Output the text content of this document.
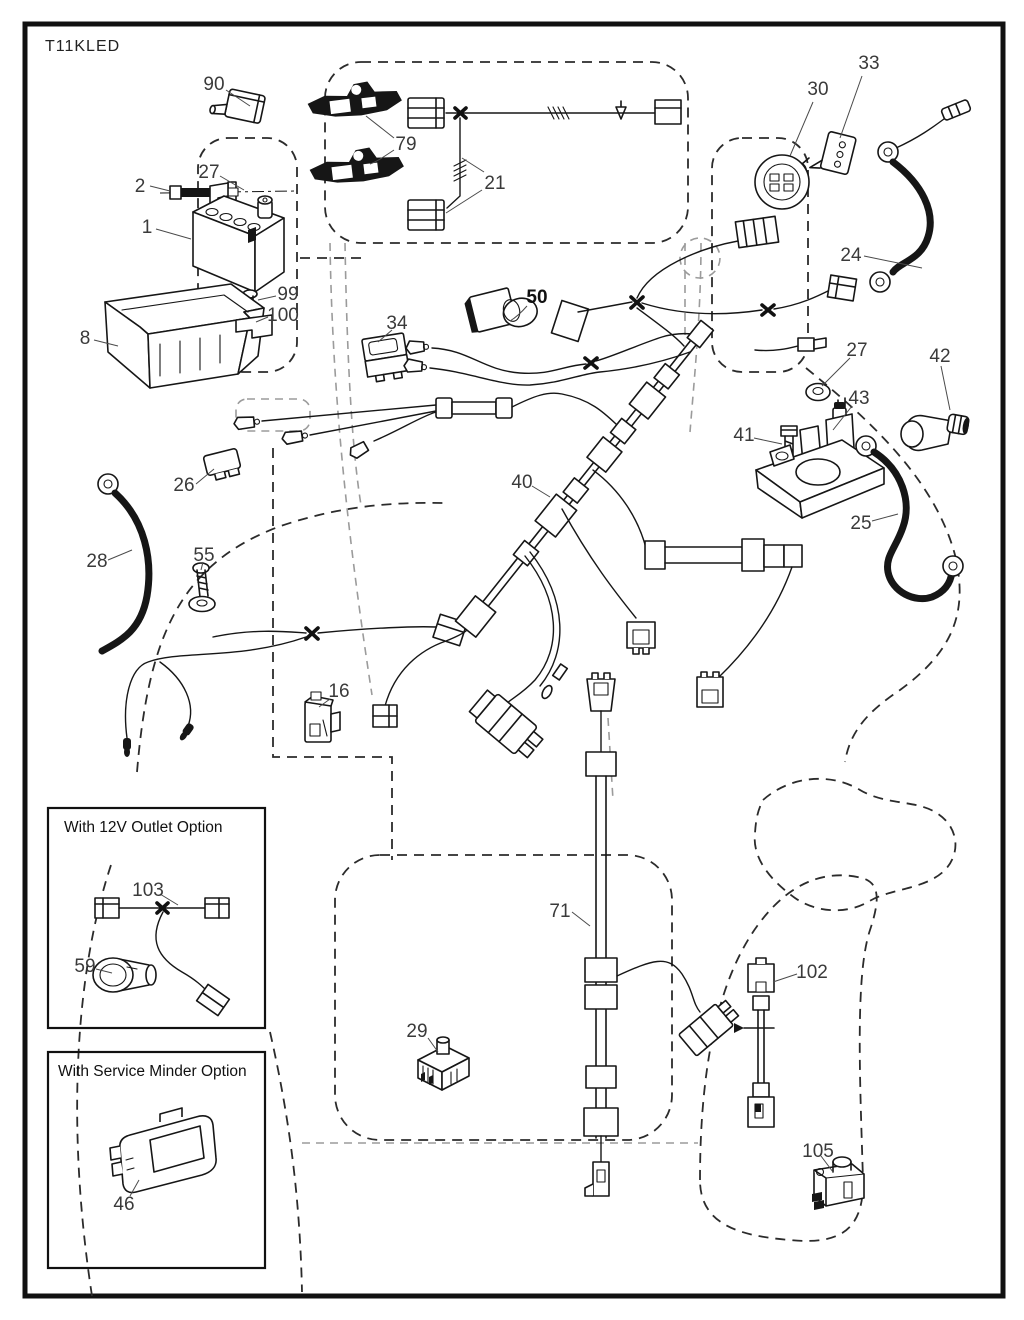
T11KLED
With 12V Outlet Option
With Service Minder Option
90
79
21
30
33
24
2
27
1
99
100
8
34
50
27	42
43
41
25
26	40
28	55
16
103
59
46
29
71
102
105
